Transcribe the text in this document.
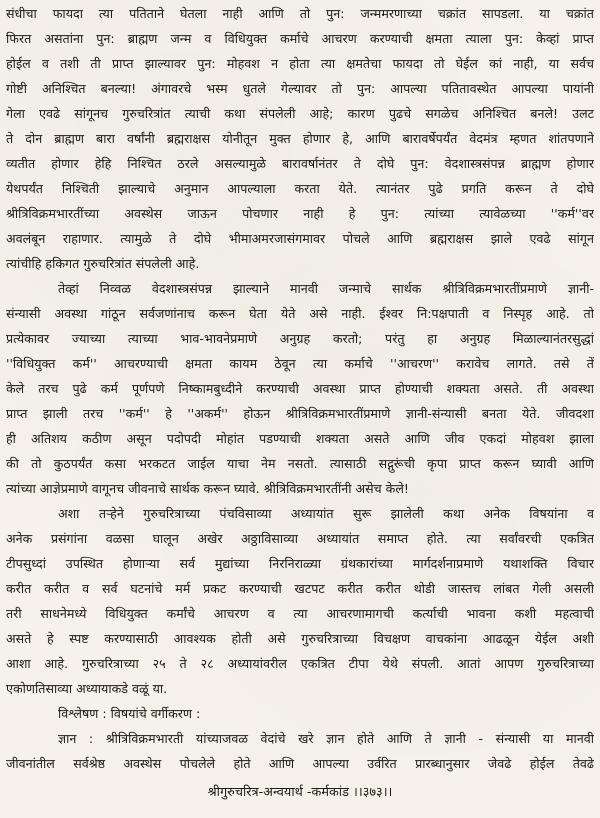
संधीचा फायदा त्या पतिताने घेतला नाही आणि तो पुन: जन्ममरणाच्या चक्रांत सापडला. या चक्रांत
फिरत असतांना पुन: ब्राह्मण जन्म व विधियुक्त कर्माचे आचरण करण्याची क्षमता त्याला पुन: केव्हां प्राप्त
होईल व तशी ती प्राप्त झाल्यावर पुन: मोहवश न होता त्या क्षमतेचा फायदा तो घेईल कां नाही, या सर्वच
गोष्टी अनिश्चित बनल्या! अंगावरचे भस्म धुतले गेल्यावर तो पुन: आपल्या पतितावस्थेत आपल्या पायांनी
गेला एवढे सांगूनच गुरुचरित्रांत त्याची कथा संपलेली आहे; कारण पुढचे सगळेच अनिश्चित बनले! उलट
ते दोन ब्राह्मण बारा वर्षांनी ब्रह्मराक्षस योनीतून मुक्त होणार हे, आणि बारावर्षेपर्यंत वेदमंत्र म्हणत शांतपणाने
व्यतीत होणार हेहि निश्चित ठरले असल्यामुळे बारावर्षानंतर ते दोघे पुन: वेदशास्त्रसंपन्न ब्राह्मण होणार
येथपर्यंत निश्चिती झाल्याचे अनुमान आपल्याला करता येते. त्यानंतर पुढे प्रगति करून ते दोघे
श्रीत्रिविक्रमभारतींच्या अवस्थेस जाऊन पोचणार नाही हे पुन: त्यांच्या त्यावेळच्या ''कर्म''वर
अवलंबून राहाणार. त्यामुळे ते दोघे भीमाअमरजासंगमावर पोचले आणि ब्रह्मराक्षस झाले एवढे सांगून
त्यांचीहि हकिगत गुरुचरित्रांत संपलेली आहे.
तेव्हां निव्वळ वेदशास्त्रसंपन्न झाल्याने मानवी जन्माचे सार्थक श्रीत्रिविक्रमभारतींप्रमाणे ज्ञानी-
संन्यासी अवस्था गांठून सर्वजणांनाच करून घेता येते असे नाही. ईश्वर नि:पक्षपाती व निस्पृह आहे. तो
प्रत्येकावर ज्याच्या त्याच्या भाव-भावनेप्रमाणे अनुग्रह करतो; परंतु हा अनुग्रह मिळाल्यानंतरसुद्धां
''विधियुक्त कर्म'' आचरण्याची क्षमता कायम ठेवून त्या कर्माचे ''आचरण'' करावेच लागते. तसे तें
केले तरच पुढे कर्म पूर्णपणे निष्कामबुध्दीने करण्याची अवस्था प्राप्त होण्याची शक्यता असते. ती अवस्था
प्राप्त झाली तरच ''कर्म'' हे ''अकर्म'' होऊन श्रीत्रिविक्रमभारतींप्रमाणे ज्ञानी-संन्यासी बनता येते. जीवदशा
ही अतिशय कठीण असून पदोपदी मोहांत पडण्याची शक्यता असते आणि जीव एकदां मोहवश झाला
की तो कुठपर्यंत कसा भरकटत जाईल याचा नेम नसतो. त्यासाठी सद्गुरूंची कृपा प्राप्त करून घ्यावी आणि
त्यांच्या आज्ञेप्रमाणे वागूनच जीवनाचे सार्थक करून घ्यावे. श्रीत्रिविक्रमभारतींनी असेच केले!
अशा तऱ्हेने गुरुचरित्राच्या पंचविसाव्या अध्यायांत सुरू झालेली कथा अनेक विषयांना व
अनेक प्रसंगांना वळसा घालून अखेर अठ्ठाविसाव्या अध्यायांत समाप्त होते. त्या सर्वांवरची एकत्रित
टीपसुध्दां उपस्थित होणाऱ्या सर्व मुद्यांच्या निरनिराळ्या ग्रंथकारांच्या मार्गदर्शनाप्रमाणे यथाशक्ति विचार
करीत करीत व सर्व घटनांचे मर्म प्रकट करण्याची खटपट करीत करीत थोडी जास्तच लांबत गेली असली
तरी साधनेमध्ये विधियुक्त कर्मांचे आचरण व त्या आचरणामागची कर्त्याची भावना कशी महत्वाची
असते हे स्पष्ट करण्यासाठी आवश्यक होती असे गुरुचरित्राच्या विचक्षण वाचकांना आढळून येईल अशी
आशा आहे. गुरुचरित्राच्या २५ ते २८ अध्यायांवरील एकत्रित टीपा येथे संपली. आतां आपण गुरुचरित्राच्या
एकोणतिसाव्या अध्यायाकडे वळूं या.
विश्लेषण : विषयांचे वर्गीकरण :
ज्ञान : श्रीत्रिविक्रमभारती यांच्याजवळ वेदांचे खरे ज्ञान होते आणि ते ज्ञानी - संन्यासी या मानवी
जीवनांतील सर्वश्रेष्ठ अवस्थेस पोचलेले होते आणि आपल्या उर्वरित प्रारब्धानुसार जेवढे होईल तेवढे
श्रीगुरुचरित्र-अन्वयार्थ -कर्मकांड ।।३७३।।
